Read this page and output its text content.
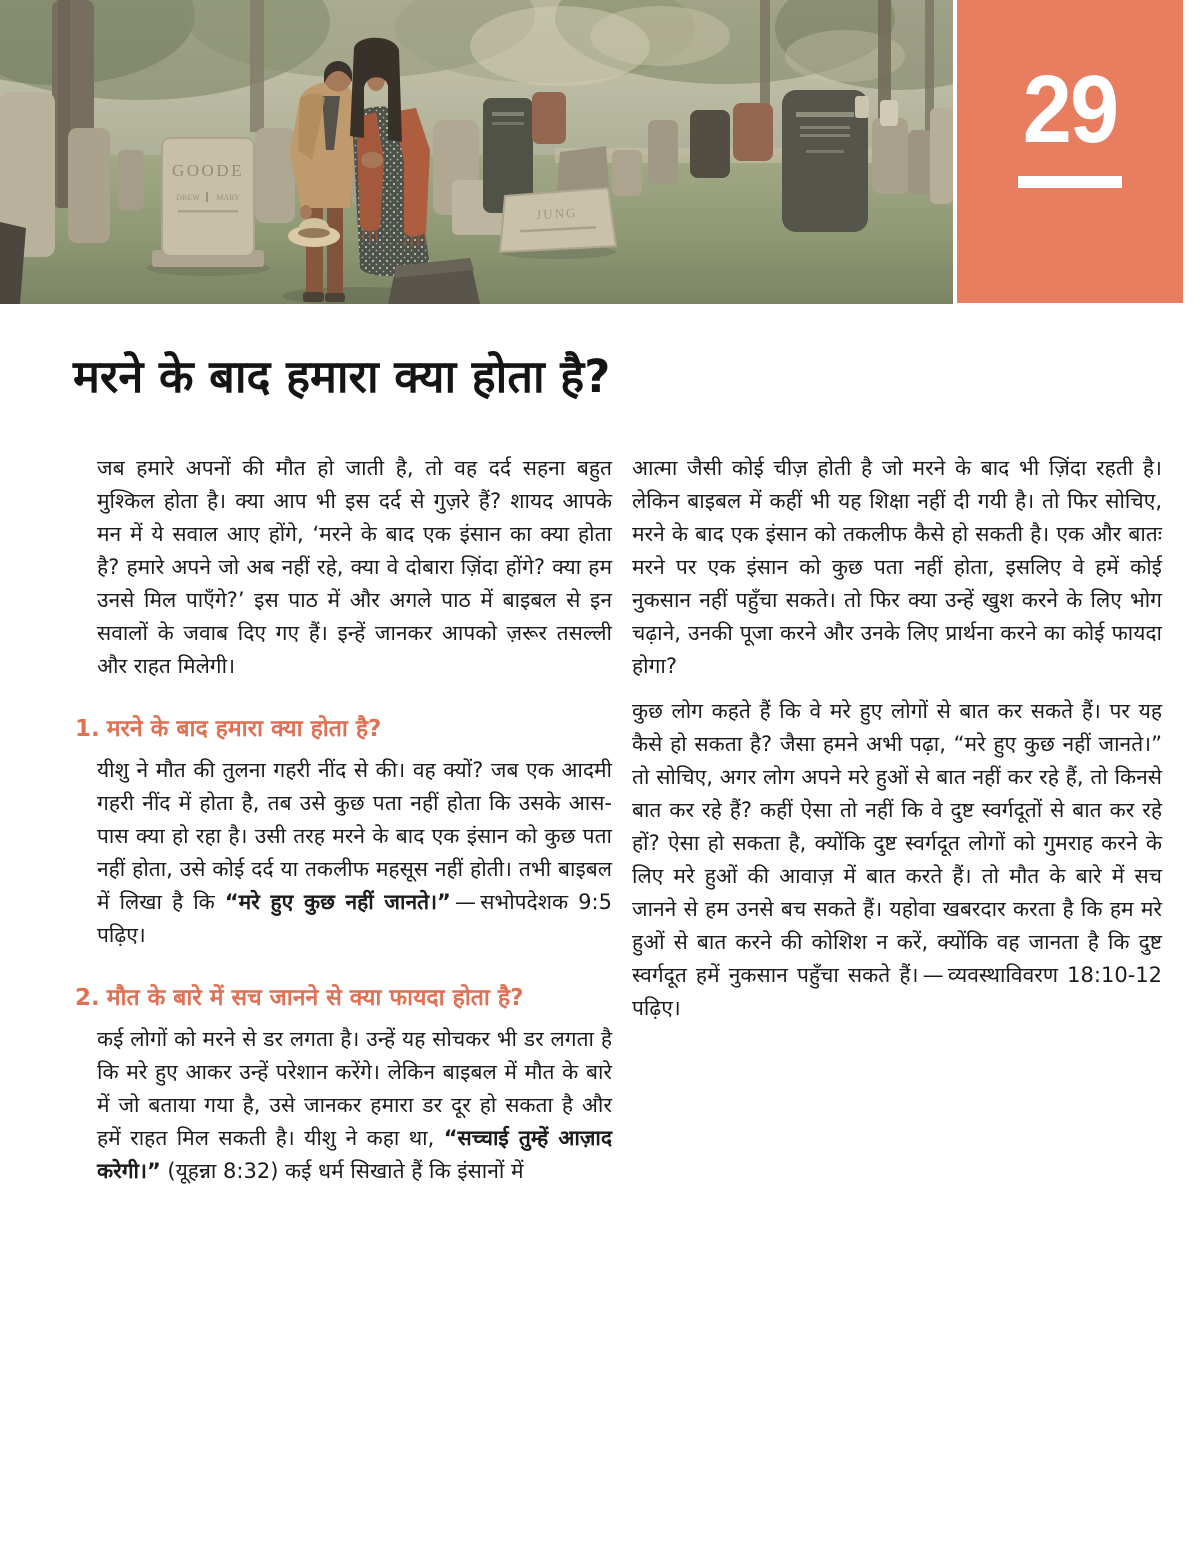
GOODE
DREW MARY
JUNG
29
मरने के बाद हमारा क्या होता है?

जब हमारे अपनों की मौत हो जाती है, तो वह दर्द सहना बहुत मुश्किल होता है। क्या आप भी इस दर्द से गुज़रे हैं? शायद आपके मन में ये सवाल आए होंगे, ‘मरने के बाद एक इंसान का क्या होता है? हमारे अपने जो अब नहीं रहे, क्या वे दोबारा ज़िंदा होंगे? क्या हम उनसे मिल पाएँगे?’ इस पाठ में और अगले पाठ में बाइबल से इन सवालों के जवाब दिए गए हैं। इन्हें जानकर आपको ज़रूर तसल्ली और राहत मिलेगी।

1. मरने के बाद हमारा क्या होता है?

यीशु ने मौत की तुलना गहरी नींद से की। वह क्यों? जब एक आदमी गहरी नींद में होता है, तब उसे कुछ पता नहीं होता कि उसके आस-पास क्या हो रहा है। उसी तरह मरने के बाद एक इंसान को कुछ पता नहीं होता, उसे कोई दर्द या तकलीफ महसूस नहीं होती। तभी बाइबल में लिखा है कि “मरे हुए कुछ नहीं जानते।” — सभोपदेशक 9:5 पढ़िए।

2. मौत के बारे में सच जानने से क्या फायदा होता है?

कई लोगों को मरने से डर लगता है। उन्हें यह सोचकर भी डर लगता है कि मरे हुए आकर उन्हें परेशान करेंगे। लेकिन बाइबल में मौत के बारे में जो बताया गया है, उसे जानकर हमारा डर दूर हो सकता है और हमें राहत मिल सकती है। यीशु ने कहा था, “सच्चाई तुम्हें आज़ाद करेगी।” (यूहन्ना 8:32) कई धर्म सिखाते हैं कि इंसानों में

आत्मा जैसी कोई चीज़ होती है जो मरने के बाद भी ज़िंदा रहती है। लेकिन बाइबल में कहीं भी यह शिक्षा नहीं दी गयी है। तो फिर सोचिए, मरने के बाद एक इंसान को तकलीफ कैसे हो सकती है। एक और बातः मरने पर एक इंसान को कुछ पता नहीं होता, इसलिए वे हमें कोई नुकसान नहीं पहुँचा सकते। तो फिर क्या उन्हें खुश करने के लिए भोग चढ़ाने, उनकी पूजा करने और उनके लिए प्रार्थना करने का कोई फायदा होगा?

कुछ लोग कहते हैं कि वे मरे हुए लोगों से बात कर सकते हैं। पर यह कैसे हो सकता है? जैसा हमने अभी पढ़ा, “मरे हुए कुछ नहीं जानते।” तो सोचिए, अगर लोग अपने मरे हुओं से बात नहीं कर रहे हैं, तो किनसे बात कर रहे हैं? कहीं ऐसा तो नहीं कि वे दुष्ट स्वर्गदूतों से बात कर रहे हों? ऐसा हो सकता है, क्योंकि दुष्ट स्वर्गदूत लोगों को गुमराह करने के लिए मरे हुओं की आवाज़ में बात करते हैं। तो मौत के बारे में सच जानने से हम उनसे बच सकते हैं। यहोवा खबरदार करता है कि हम मरे हुओं से बात करने की कोशिश न करें, क्योंकि वह जानता है कि दुष्ट स्वर्गदूत हमें नुकसान पहुँचा सकते हैं। — व्यवस्थाविवरण 18:10-12 पढ़िए।
